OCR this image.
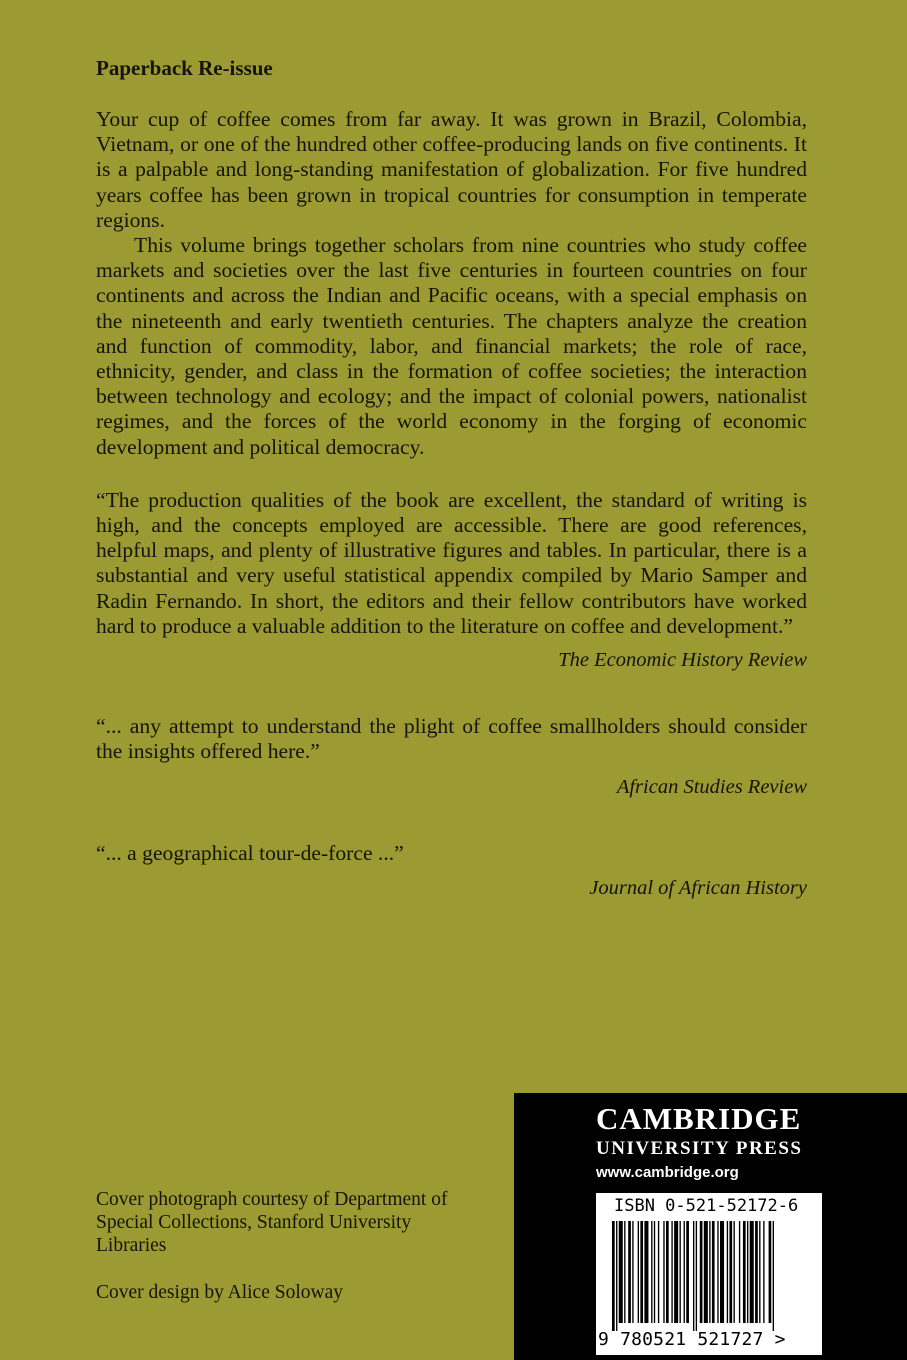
Paperback Re-issue

Your cup of coffee comes from far away. It was grown in Brazil, Colombia, Vietnam, or one of the hundred other coffee-producing lands on five continents. It is a palpable and long-standing manifestation of globalization. For five hundred years coffee has been grown in tropical countries for consumption in temperate regions.

This volume brings together scholars from nine countries who study coffee markets and societies over the last five centuries in fourteen countries on four continents and across the Indian and Pacific oceans, with a special emphasis on the nineteenth and early twentieth centuries. The chapters analyze the creation and function of commodity, labor, and financial markets; the role of race, ethnicity, gender, and class in the formation of coffee societies; the interaction between technology and ecology; and the impact of colonial powers, nationalist regimes, and the forces of the world economy in the forging of economic development and political democracy.

“The production qualities of the book are excellent, the standard of writing is high, and the concepts employed are accessible. There are good references, helpful maps, and plenty of illustrative figures and tables. In particular, there is a substantial and very useful statistical appendix compiled by Mario Samper and Radin Fernando. In short, the editors and their fellow contributors have worked hard to produce a valuable addition to the literature on coffee and development.”

The Economic History Review

“... any attempt to understand the plight of coffee smallholders should consider the insights offered here.”

African Studies Review

“... a geographical tour-de-force ...”

Journal of African History

Cover photograph courtesy of Department of Special Collections, Stanford University Libraries

Cover design by Alice Soloway

CAMBRIDGE
UNIVERSITY PRESS
www.cambridge.org
ISBN 0-521-52172-6
9 780521 521727 >
